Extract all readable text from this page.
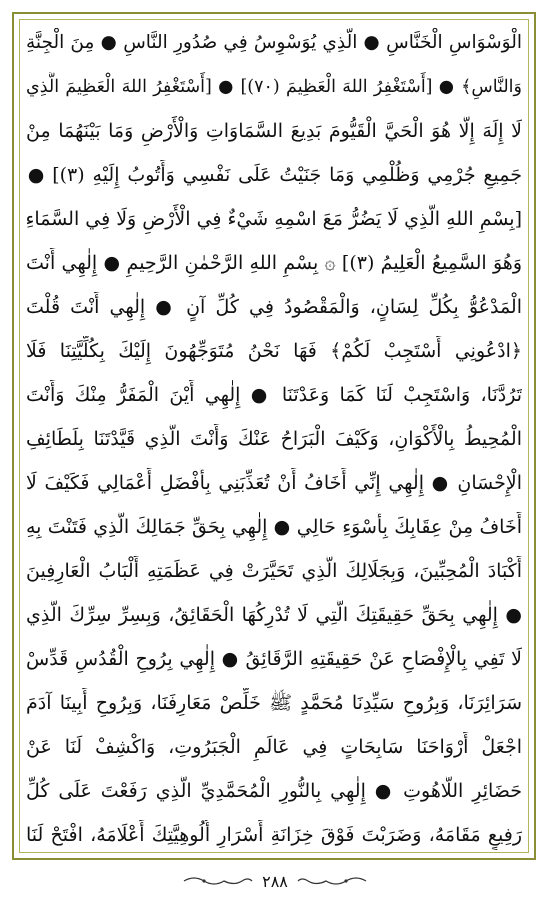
الْوَسْوَاسِ الْخَنَّاسِ ● الَّذِي يُوَسْوِسُ فِي صُدُورِ النَّاسِ ● مِنَ الْجِنَّةِ
وَالنَّاسِ﴾ ● [أَسْتَغْفِرُ اللهَ الْعَظِيمَ (٧٠)] ● [أَسْتَغْفِرُ اللهَ الْعَظِيمَ الَّذِي
لَا إِلَهَ إِلَّا هُوَ الْحَيَّ الْقَيُّومَ بَدِيعَ السَّمَاوَاتِ وَالْأَرْضِ وَمَا بَيْنَهُمَا مِنْ
جَمِيعِ جُرْمِي وَظُلْمِي وَمَا جَنَيْتُ عَلَى نَفْسِي وَأَتُوبُ إِلَيْهِ (٣)] ●
[بِسْمِ اللهِ الَّذِي لَا يَضُرُّ مَعَ اسْمِهِ شَيْءٌ فِي الْأَرْضِ وَلَا فِي السَّمَاءِ
وَهُوَ السَّمِيعُ الْعَلِيمُ (٣)] ۞ بِسْمِ اللهِ الرَّحْمٰنِ الرَّحِيمِ ● إِلٰهِي أَنْتَ
الْمَدْعُوُّ بِكُلِّ لِسَانٍ، وَالْمَقْصُودُ فِي كُلِّ آنٍ ● إِلٰهِي أَنْتَ قُلْتَ
﴿ادْعُونِي أَسْتَجِبْ لَكُمْ﴾ فَهَا نَحْنُ مُتَوَجِّهُونَ إِلَيْكَ بِكُلِّيَّتِنَا فَلَا
تَرُدَّنَا، وَاسْتَجِبْ لَنَا كَمَا وَعَدْتَنَا ● إِلٰهِي أَيْنَ الْمَفَرُّ مِنْكَ وَأَنْتَ
الْمُحِيطُ بِالْأَكْوَانِ، وَكَيْفَ الْبَرَاحُ عَنْكَ وَأَنْتَ الَّذِي قَيَّدْتَنَا بِلَطَائِفِ
الْإِحْسَانِ ● إِلٰهِي إِنِّي أَخَافُ أَنْ تُعَذِّبَنِي بِأَفْضَلِ أَعْمَالِي فَكَيْفَ لَا
أَخَافُ مِنْ عِقَابِكَ بِأَسْوَءِ حَالِي ● إِلٰهِي بِحَقِّ جَمَالِكَ الَّذِي فَتَنْتَ بِهِ
أَكْبَادَ الْمُحِبِّينَ، وَبِجَلَالِكَ الَّذِي تَحَيَّرَتْ فِي عَظَمَتِهِ أَلْبَابُ الْعَارِفِينَ
● إِلٰهِي بِحَقِّ حَقِيقَتِكَ الَّتِي لَا تُدْرِكُهَا الْحَقَائِقُ، وَبِسِرِّ سِرِّكَ الَّذِي
لَا تَفِي بِالْإِفْصَاحِ عَنْ حَقِيقَتِهِ الرَّقَائِقُ ● إِلٰهِي بِرُوحِ الْقُدُسِ قَدِّسْ
سَرَائِرَنَا، وَبِرُوحِ سَيِّدِنَا مُحَمَّدٍ ﷺ خَلِّصْ مَعَارِفَنَا، وَبِرُوحِ أَبِينَا آدَمَ
اجْعَلْ أَرْوَاحَنَا سَابِحَاتٍ فِي عَالَمِ الْجَبَرُوتِ، وَاكْشِفْ لَنَا عَنْ
حَضَائِرِ اللَّاهُوتِ ● إِلٰهِي بِالنُّورِ الْمُحَمَّدِيِّ الَّذِي رَفَعْتَ عَلَى كُلِّ
رَفِيعٍ مَقَامَهُ، وَضَرَبْتَ فَوْقَ خِزَانَةِ أَسْرَارِ أُلُوهِيَّتِكَ أَعْلَامَهُ، افْتَحْ لَنَا
٢٨٨
